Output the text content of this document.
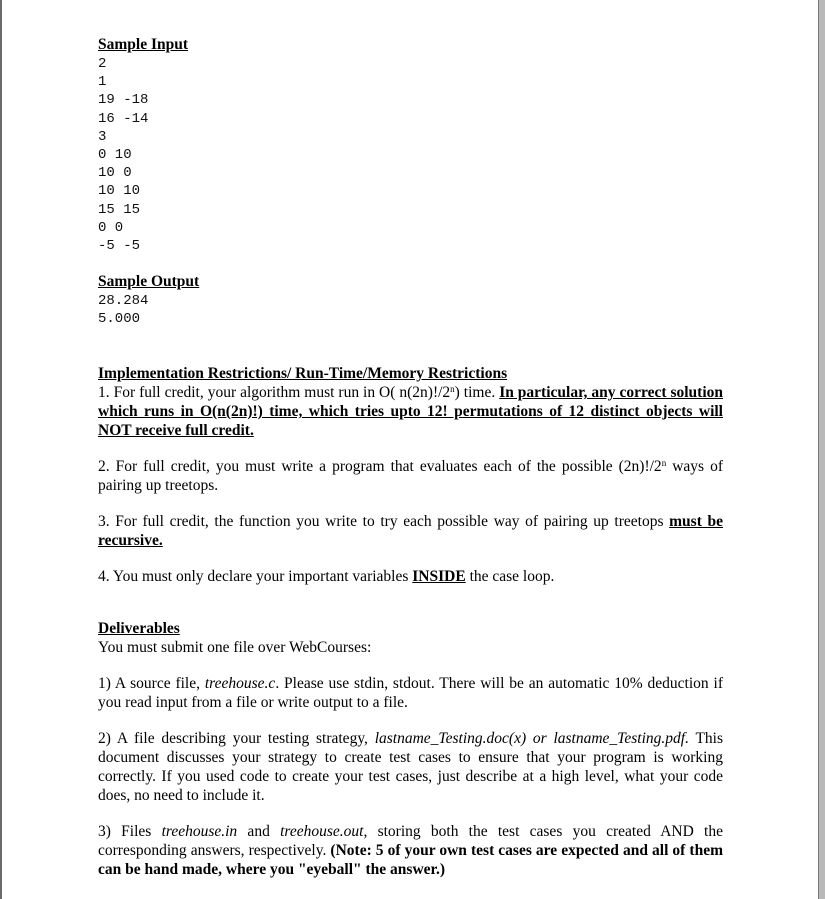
Sample Input
2
1
19 -18
16 -14
3
0 10
10 0
10 10
15 15
0 0
-5 -5
Sample Output
28.284
5.000
Implementation Restrictions/ Run-Time/Memory Restrictions

1. For full credit, your algorithm must run in O( n(2n)!/2$^n$) time. In particular, any correct solution which runs in O(n(2n)!) time, which tries upto 12! permutations of 12 distinct objects will NOT receive full credit.

2. For full credit, you must write a program that evaluates each of the possible (2n)!/2$^n$ ways of pairing up treetops.

3. For full credit, the function you write to try each possible way of pairing up treetops must be recursive.

4. You must only declare your important variables INSIDE the case loop.

Deliverables

You must submit one file over WebCourses:

1) A source file, treehouse.c. Please use stdin, stdout. There will be an automatic 10% deduction if you read input from a file or write output to a file.

2) A file describing your testing strategy, lastname_Testing.doc(x) or lastname_Testing.pdf. This document discusses your strategy to create test cases to ensure that your program is working correctly. If you used code to create your test cases, just describe at a high level, what your code does, no need to include it.

3) Files treehouse.in and treehouse.out, storing both the test cases you created AND the corresponding answers, respectively. (Note: 5 of your own test cases are expected and all of them can be hand made, where you "eyeball" the answer.)
